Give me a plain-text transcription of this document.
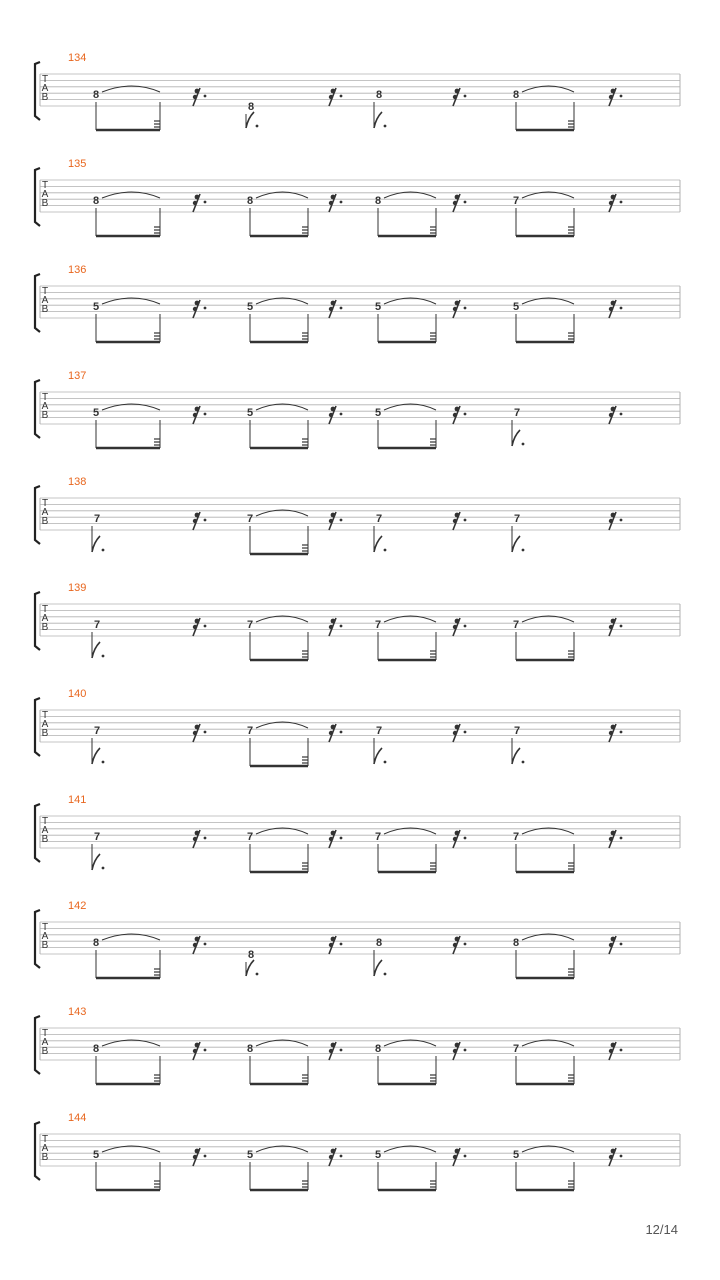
134
T
A
B	8
8
8	8
135
T
A
B	8	8	8	7
136
T
A
B	5	5	5	5
137
T
A
B	5	5	5	7
138
T
A
B	7	7	7	7
139
T
A
B	7	7	7	7
140
T
A
B	7	7	7	7
141
T
A
B	7	7	7	7
142
T
A
B	8
8
8	8
143
T
A
B	8	8	8	7
144
T
A
B	5	5	5	5
12/14
